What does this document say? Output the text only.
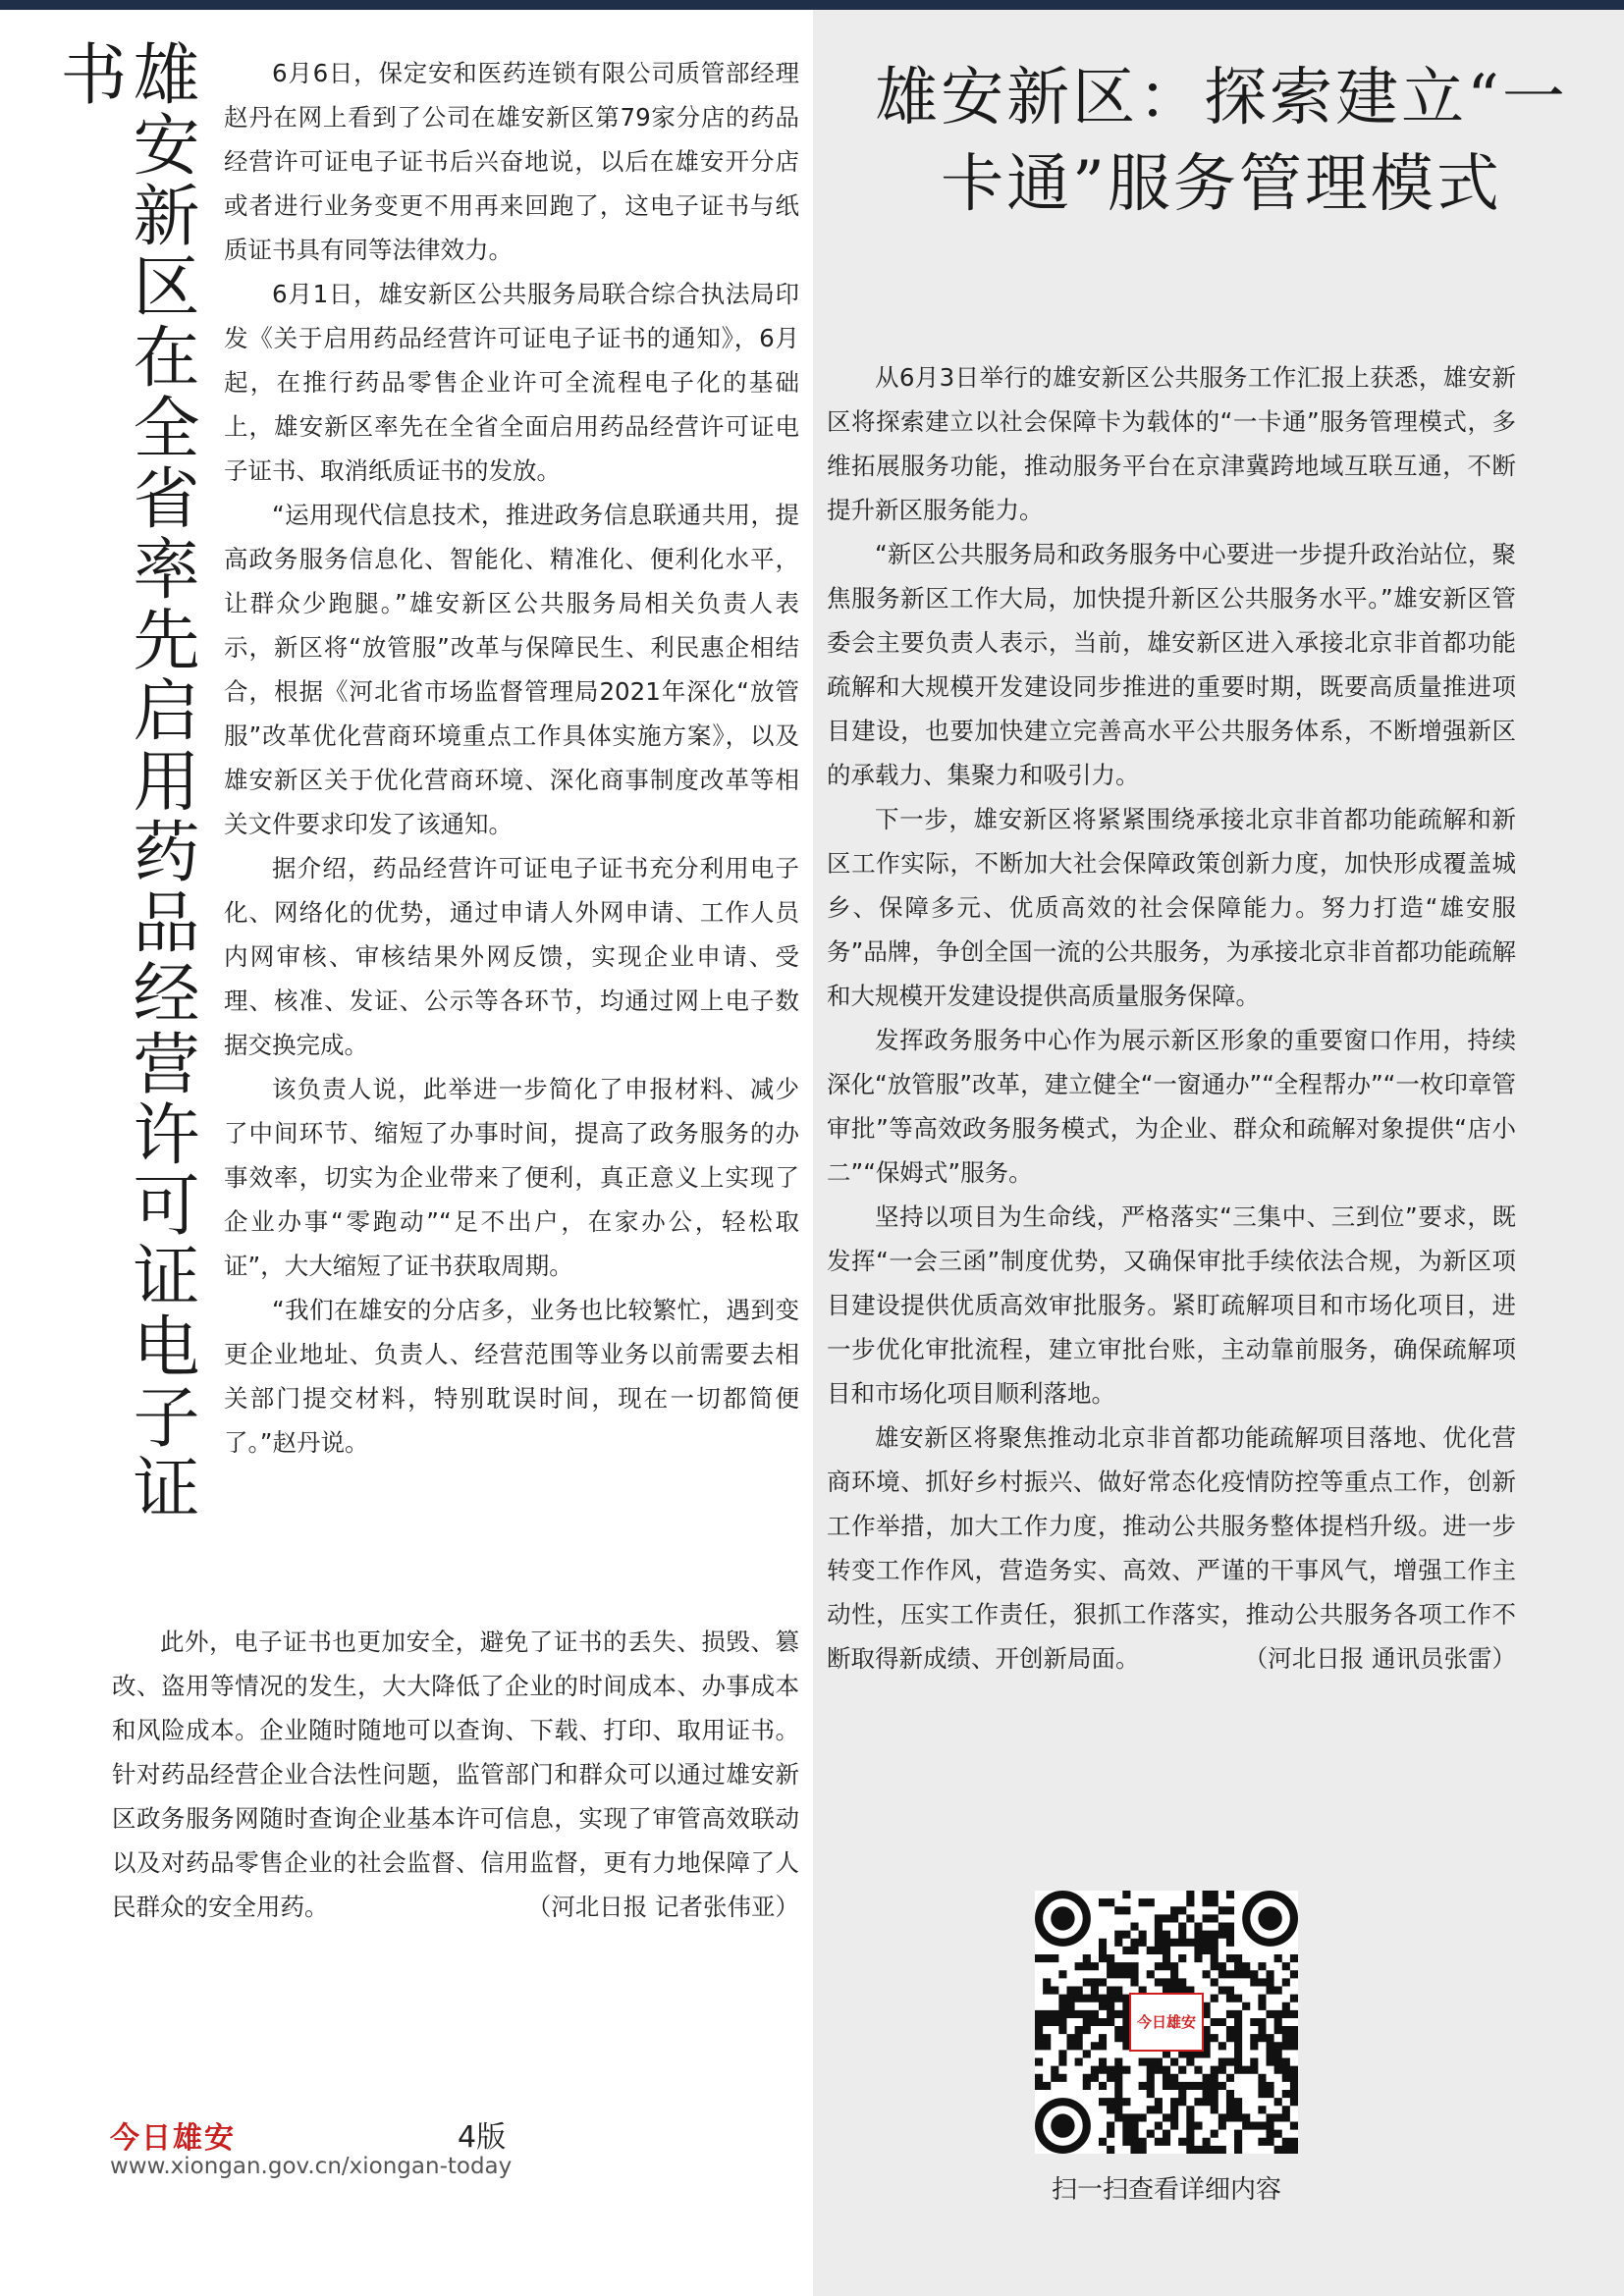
雄安新区在全省率先启用药品经营许可证电子证书	6月6日，保定安和医药连锁有限公司质管部经理赵丹在网上看到了公司在雄安新区第79家分店的药品经营许可证电子证书后兴奋地说，以后在雄安开分店或者进行业务变更不用再来回跑了，这电子证书与纸质证书具有同等法律效力。

6月1日，雄安新区公共服务局联合综合执法局印发《关于启用药品经营许可证电子证书的通知》，6月起，在推行药品零售企业许可全流程电子化的基础上，雄安新区率先在全省全面启用药品经营许可证电子证书、取消纸质证书的发放。

“运用现代信息技术，推进政务信息联通共用，提高政务服务信息化、智能化、精准化、便利化水平，让群众少跑腿。”雄安新区公共服务局相关负责人表示，新区将“放管服”改革与保障民生、利民惠企相结合，根据《河北省市场监督管理局2021年深化“放管服”改革优化营商环境重点工作具体实施方案》，以及雄安新区关于优化营商环境、深化商事制度改革等相关文件要求印发了该通知。

据介绍，药品经营许可证电子证书充分利用电子化、网络化的优势，通过申请人外网申请、工作人员内网审核、审核结果外网反馈，实现企业申请、受理、核准、发证、公示等各环节，均通过网上电子数据交换完成。

该负责人说，此举进一步简化了申报材料、减少了中间环节、缩短了办事时间，提高了政务服务的办事效率，切实为企业带来了便利，真正意义上实现了企业办事“零跑动”“足不出户，在家办公，轻松取证”，大大缩短了证书获取周期。

“我们在雄安的分店多，业务也比较繁忙，遇到变更企业地址、负责人、经营范围等业务以前需要去相关部门提交材料，特别耽误时间，现在一切都简便了。”赵丹说。

此外，电子证书也更加安全，避免了证书的丢失、损毁、篡改、盗用等情况的发生，大大降低了企业的时间成本、办事成本和风险成本。企业随时随地可以查询、下载、打印、取用证书。针对药品经营企业合法性问题，监管部门和群众可以通过雄安新区政务服务网随时查询企业基本许可信息，实现了审管高效联动以及对药品零售企业的社会监督、信用监督，更有力地保障了人民群众的安全用药。	（河北日报 记者张伟亚）

雄安新区：探索建立“一卡通”服务管理模式

从6月3日举行的雄安新区公共服务工作汇报上获悉，雄安新区将探索建立以社会保障卡为载体的“一卡通”服务管理模式，多维拓展服务功能，推动服务平台在京津冀跨地域互联互通，不断提升新区服务能力。

“新区公共服务局和政务服务中心要进一步提升政治站位，聚焦服务新区工作大局，加快提升新区公共服务水平。”雄安新区管委会主要负责人表示，当前，雄安新区进入承接北京非首都功能疏解和大规模开发建设同步推进的重要时期，既要高质量推进项目建设，也要加快建立完善高水平公共服务体系，不断增强新区的承载力、集聚力和吸引力。

下一步，雄安新区将紧紧围绕承接北京非首都功能疏解和新区工作实际，不断加大社会保障政策创新力度，加快形成覆盖城乡、保障多元、优质高效的社会保障能力。努力打造“雄安服务”品牌，争创全国一流的公共服务，为承接北京非首都功能疏解和大规模开发建设提供高质量服务保障。

发挥政务服务中心作为展示新区形象的重要窗口作用，持续深化“放管服”改革，建立健全“一窗通办”“全程帮办”“一枚印章管审批”等高效政务服务模式，为企业、群众和疏解对象提供“店小二”“保姆式”服务。

坚持以项目为生命线，严格落实“三集中、三到位”要求，既发挥“一会三函”制度优势，又确保审批手续依法合规，为新区项目建设提供优质高效审批服务。紧盯疏解项目和市场化项目，进一步优化审批流程，建立审批台账，主动靠前服务，确保疏解项目和市场化项目顺利落地。

雄安新区将聚焦推动北京非首都功能疏解项目落地、优化营商环境、抓好乡村振兴、做好常态化疫情防控等重点工作，创新工作举措，加大工作力度，推动公共服务整体提档升级。进一步转变工作作风，营造务实、高效、严谨的干事风气，增强工作主动性，压实工作责任，狠抓工作落实，推动公共服务各项工作不断取得新成绩、开创新局面。	（河北日报 通讯员张雷）

今日雄安
扫一扫查看详细内容
今日雄安	4版
www.xiongan.gov.cn/xiongan-today
